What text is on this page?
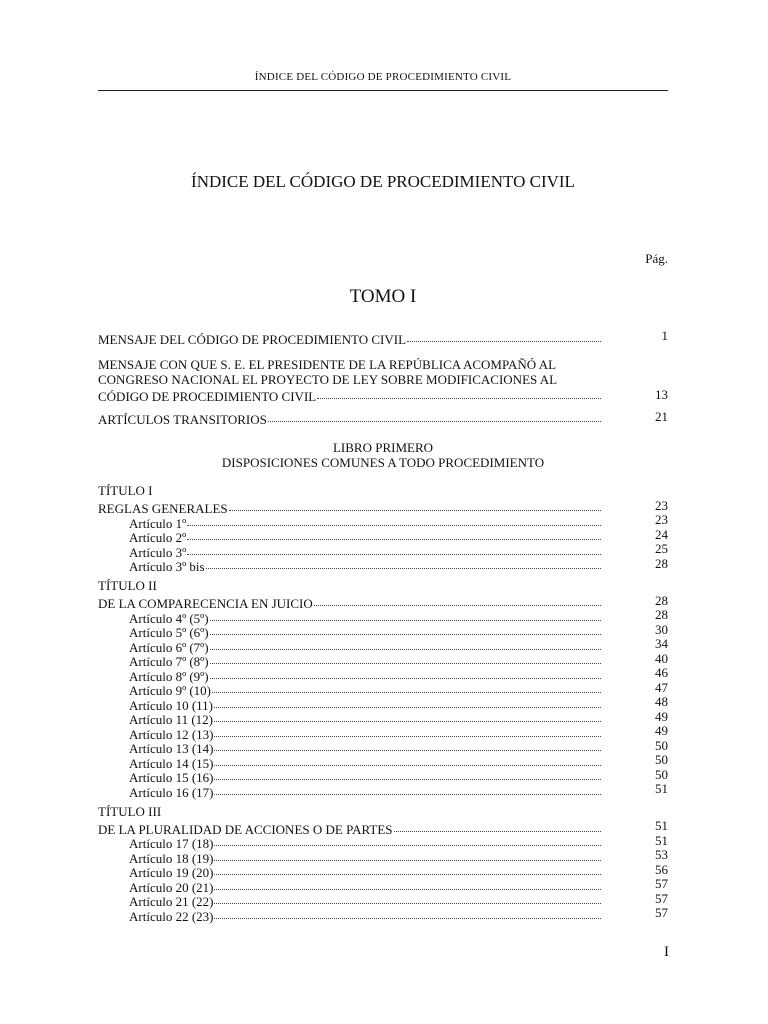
ÍNDICE DEL CÓDIGO DE PROCEDIMIENTO CIVIL
ÍNDICE DEL CÓDIGO DE PROCEDIMIENTO CIVIL
Pág.
TOMO I
MENSAJE DEL CÓDIGO DE PROCEDIMIENTO CIVIL	1
MENSAJE CON QUE S. E. EL PRESIDENTE DE LA REPÚBLICA ACOMPAÑÓ AL
CONGRESO NACIONAL EL PROYECTO DE LEY SOBRE MODIFICACIONES AL
CÓDIGO DE PROCEDIMIENTO CIVIL	13
ARTÍCULOS TRANSITORIOS	21
LIBRO PRIMERO
DISPOSICIONES COMUNES A TODO PROCEDIMIENTO
TÍTULO I
REGLAS GENERALES	23
Artículo 1º	23
Artículo 2º	24
Artículo 3º	25
Artículo 3º bis	28
TÍTULO II
DE LA COMPARECENCIA EN JUICIO	28
Artículo 4º (5º)	28
Artículo 5º (6º)	30
Artículo 6º (7º)	34
Artículo 7º (8º)	40
Artículo 8º (9º)	46
Artículo 9º (10)	47
Artículo 10 (11)	48
Artículo 11 (12)	49
Artículo 12 (13)	49
Artículo 13 (14)	50
Artículo 14 (15)	50
Artículo 15 (16)	50
Artículo 16 (17)	51
TÍTULO III
DE LA PLURALIDAD DE ACCIONES O DE PARTES	51
Artículo 17 (18)	51
Artículo 18 (19)	53
Artículo 19 (20)	56
Artículo 20 (21)	57
Artículo 21 (22)	57
Artículo 22 (23)	57
I
